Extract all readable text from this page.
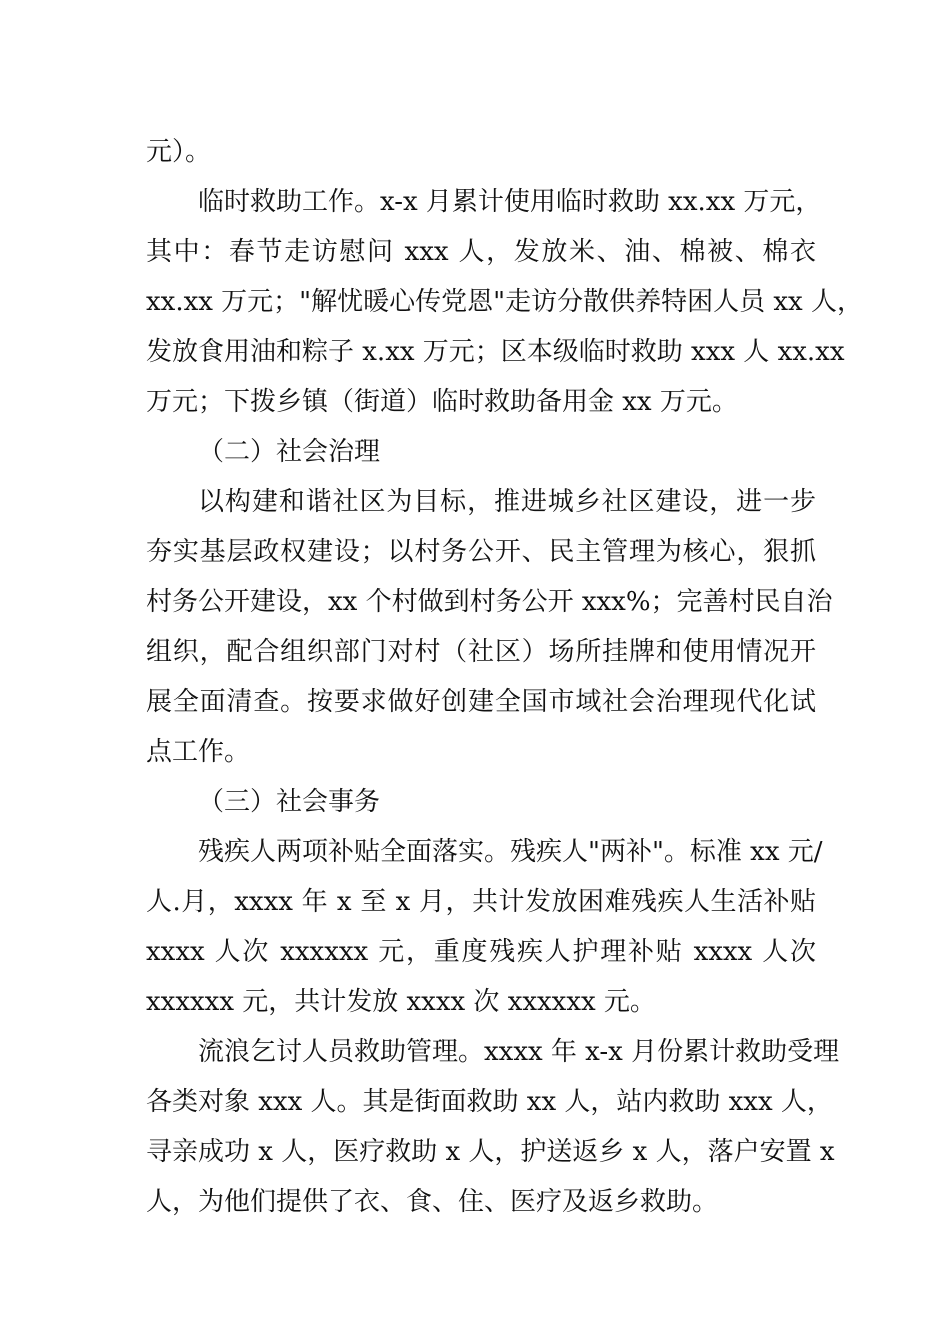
元）。
临时救助工作。x-x 月累计使用临时救助 xx.xx 万元，
其中：春节走访慰问 xxx 人，发放米、油、棉被、棉衣
xx.xx 万元；"解忧暖心传党恩"走访分散供养特困人员 xx 人，
发放食用油和粽子 x.xx 万元；区本级临时救助 xxx 人 xx.xx
万元；下拨乡镇（街道）临时救助备用金 xx 万元。
（二）社会治理
以构建和谐社区为目标，推进城乡社区建设，进一步
夯实基层政权建设；以村务公开、民主管理为核心，狠抓
村务公开建设，xx 个村做到村务公开 xxx%；完善村民自治
组织，配合组织部门对村（社区）场所挂牌和使用情况开
展全面清查。按要求做好创建全国市域社会治理现代化试
点工作。
（三）社会事务
残疾人两项补贴全面落实。残疾人"两补"。标准 xx 元/
人.月，xxxx 年 x 至 x 月，共计发放困难残疾人生活补贴
xxxx 人次 xxxxxx 元，重度残疾人护理补贴 xxxx 人次
xxxxxx 元，共计发放 xxxx 次 xxxxxx 元。
流浪乞讨人员救助管理。xxxx 年 x-x 月份累计救助受理
各类对象 xxx 人。其是街面救助 xx 人，站内救助 xxx 人，
寻亲成功 x 人，医疗救助 x 人，护送返乡 x 人，落户安置 x
人，为他们提供了衣、食、住、医疗及返乡救助。
